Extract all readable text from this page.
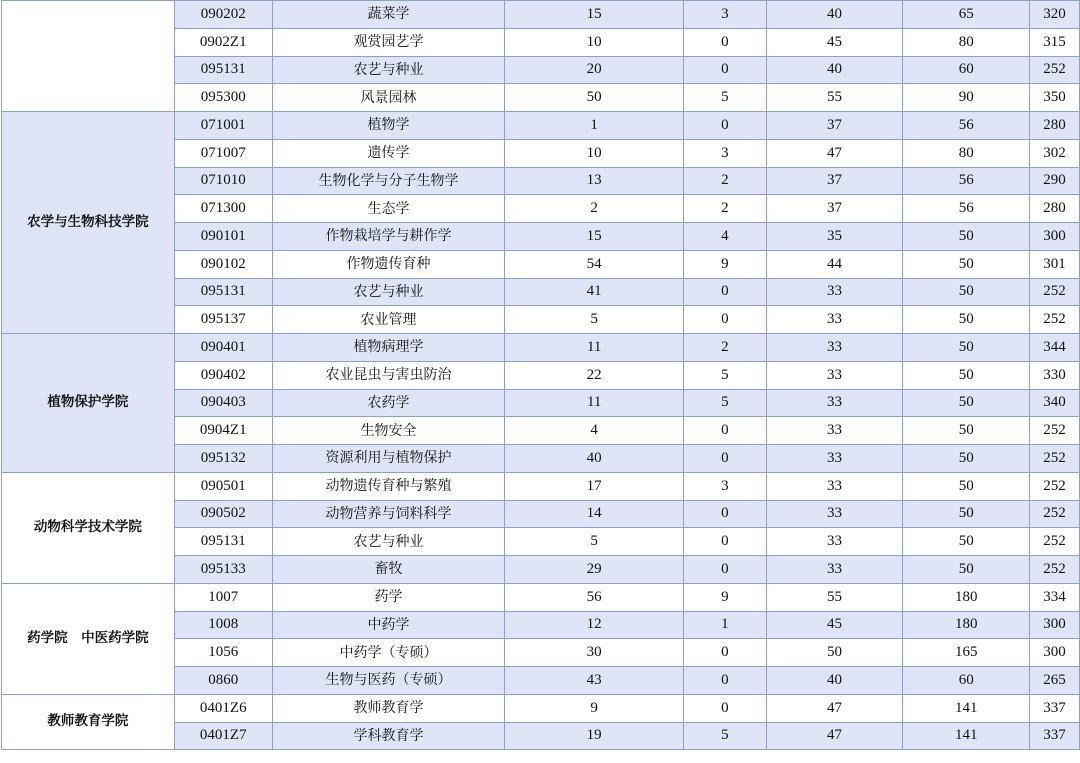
	090202	蔬菜学	15	3	40	65	320
	0902Z1	观赏园艺学	10	0	45	80	315
	095131	农艺与种业	20	0	40	60	252
	095300	风景园林	50	5	55	90	350
农学与生物科技学院	071001	植物学	1	0	37	56	280
	071007	遗传学	10	3	47	80	302
	071010	生物化学与分子生物学	13	2	37	56	290
	071300	生态学	2	2	37	56	280
	090101	作物栽培学与耕作学	15	4	35	50	300
	090102	作物遗传育种	54	9	44	50	301
	095131	农艺与种业	41	0	33	50	252
	095137	农业管理	5	0	33	50	252
植物保护学院	090401	植物病理学	11	2	33	50	344
	090402	农业昆虫与害虫防治	22	5	33	50	330
	090403	农药学	11	5	33	50	340
	0904Z1	生物安全	4	0	33	50	252
	095132	资源利用与植物保护	40	0	33	50	252
动物科学技术学院	090501	动物遗传育种与繁殖	17	3	33	50	252
	090502	动物营养与饲料科学	14	0	33	50	252
	095131	农艺与种业	5	0	33	50	252
	095133	畜牧	29	0	33	50	252
药学院　中医药学院	1007	药学	56	9	55	180	334
	1008	中药学	12	1	45	180	300
	1056	中药学（专硕）	30	0	50	165	300
	0860	生物与医药（专硕）	43	0	40	60	265
教师教育学院	0401Z6	教师教育学	9	0	47	141	337
	0401Z7	学科教育学	19	5	47	141	337
